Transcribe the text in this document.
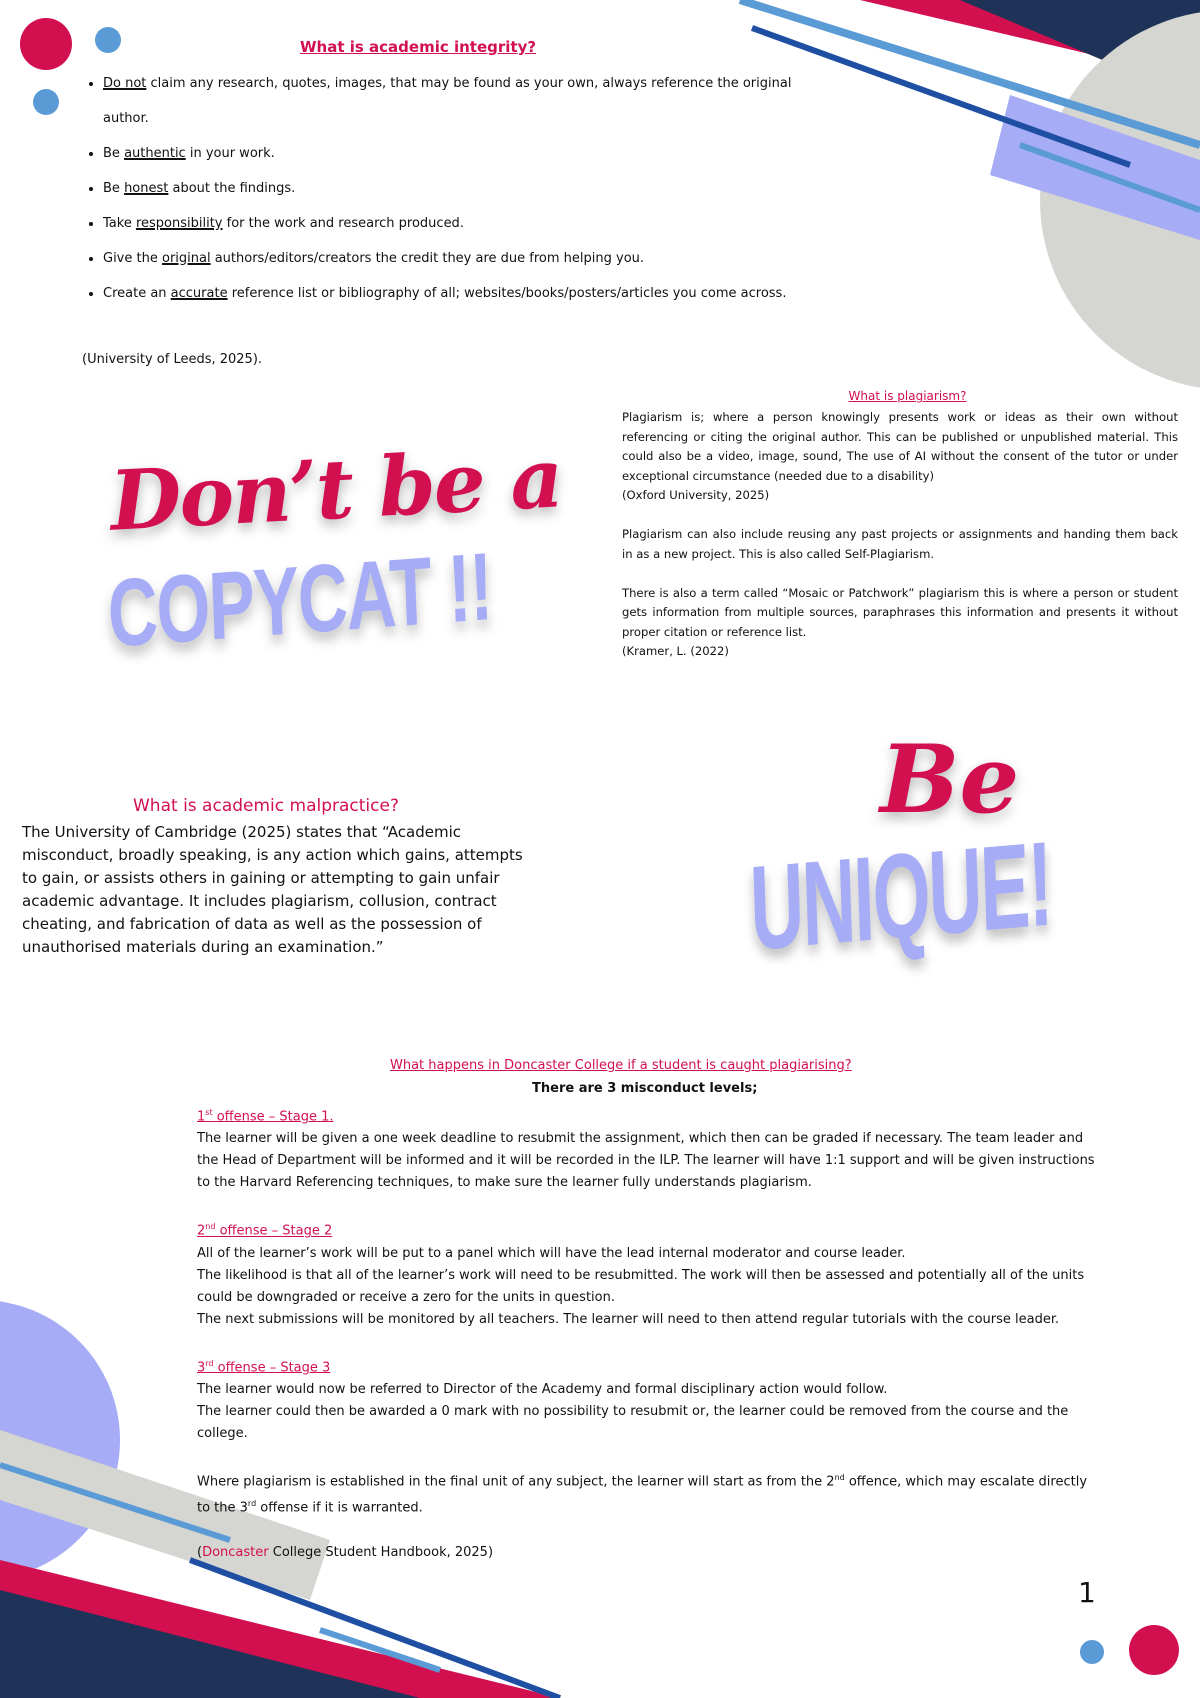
What is academic integrity?
• Do not claim any research, quotes, images, that may be found as your own, always reference the original author.
• Be authentic in your work.
• Be honest about the findings.
• Take responsibility for the work and research produced.
• Give the original authors/editors/creators the credit they are due from helping you.
• Create an accurate reference list or bibliography of all; websites/books/posters/articles you come across.
(University of Leeds, 2025).
What is plagiarism?

Plagiarism is; where a person knowingly presents work or ideas as their own without referencing or citing the original author. This can be published or unpublished material. This could also be a video, image, sound, The use of AI without the consent of the tutor or under exceptional circumstance (needed due to a disability)
(Oxford University, 2025)

Plagiarism can also include reusing any past projects or assignments and handing them back in as a new project. This is also called Self-Plagiarism.

There is also a term called “Mosaic or Patchwork” plagiarism this is where a person or student gets information from multiple sources, paraphrases this information and presents it without proper citation or reference list.
(Kramer, L. (2022)

Don’t be a
COPYCAT !!
Be
UNIQUE!
What is academic malpractice?
The University of Cambridge (2025) states that “Academic misconduct, broadly speaking, is any action which gains, attempts to gain, or assists others in gaining or attempting to gain unfair academic advantage. It includes plagiarism, collusion, contract cheating, and fabrication of data as well as the possession of unauthorised materials during an examination.”
What happens in Doncaster College if a student is caught plagiarising?
There are 3 misconduct levels;

1st offense – Stage 1.

The learner will be given a one week deadline to resubmit the assignment, which then can be graded if necessary. The team leader and the Head of Department will be informed and it will be recorded in the ILP. The learner will have 1:1 support and will be given instructions to the Harvard Referencing techniques, to make sure the learner fully understands plagiarism.

2nd offense – Stage 2

All of the learner’s work will be put to a panel which will have the lead internal moderator and course leader.

The likelihood is that all of the learner’s work will need to be resubmitted. The work will then be assessed and potentially all of the units could be downgraded or receive a zero for the units in question.

The next submissions will be monitored by all teachers. The learner will need to then attend regular tutorials with the course leader.

3rd offense – Stage 3

The learner would now be referred to Director of the Academy and formal disciplinary action would follow.

The learner could then be awarded a 0 mark with no possibility to resubmit or, the learner could be removed from the course and the college.

Where plagiarism is established in the final unit of any subject, the learner will start as from the 2nd offence, which may escalate directly to the 3rd offense if it is warranted.

(Doncaster College Student Handbook, 2025)

1
